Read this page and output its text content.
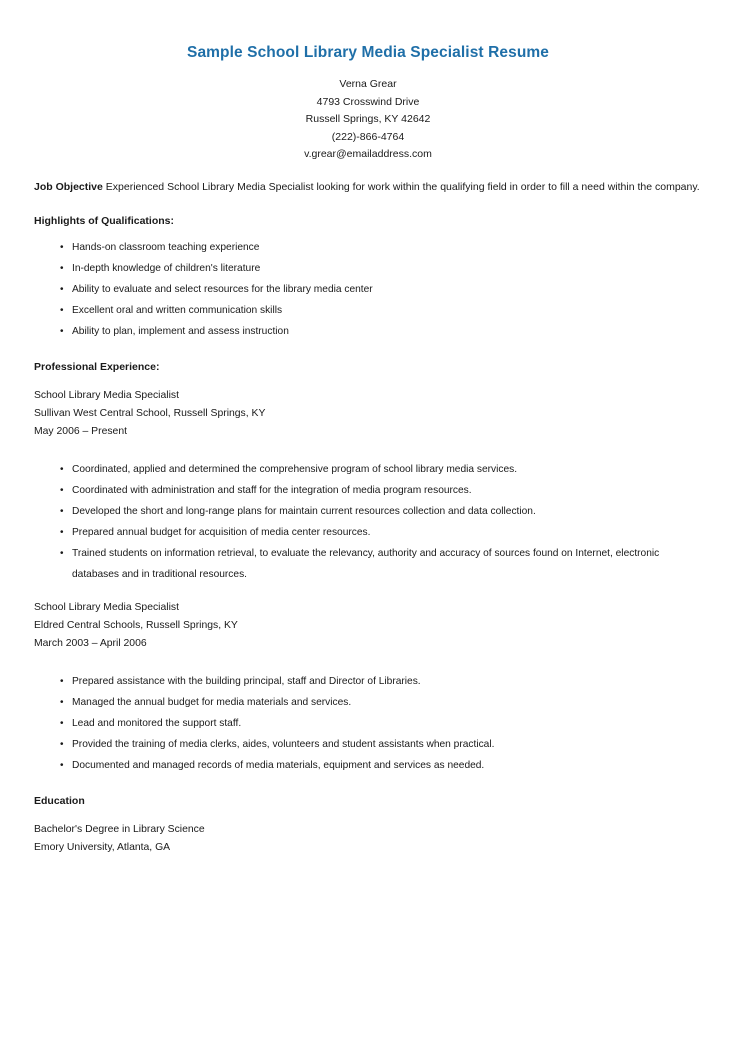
Sample School Library Media Specialist Resume
Verna Grear
4793 Crosswind Drive
Russell Springs, KY 42642
(222)-866-4764
v.grear@emailaddress.com

Job Objective Experienced School Library Media Specialist looking for work within the qualifying field in order to fill a need within the company.

Highlights of Qualifications:
• Hands-on classroom teaching experience
• In-depth knowledge of children's literature
• Ability to evaluate and select resources for the library media center
• Excellent oral and written communication skills
• Ability to plan, implement and assess instruction
Professional Experience:
School Library Media Specialist
Sullivan West Central School, Russell Springs, KY
May 2006 – Present
• Coordinated, applied and determined the comprehensive program of school library media services.
• Coordinated with administration and staff for the integration of media program resources.
• Developed the short and long-range plans for maintain current resources collection and data collection.
• Prepared annual budget for acquisition of media center resources.
• Trained students on information retrieval, to evaluate the relevancy, authority and accuracy of sources found on Internet, electronic databases and in traditional resources.
School Library Media Specialist
Eldred Central Schools, Russell Springs, KY
March 2003 – April 2006
• Prepared assistance with the building principal, staff and Director of Libraries.
• Managed the annual budget for media materials and services.
• Lead and monitored the support staff.
• Provided the training of media clerks, aides, volunteers and student assistants when practical.
• Documented and managed records of media materials, equipment and services as needed.
Education
Bachelor's Degree in Library Science
Emory University, Atlanta, GA
